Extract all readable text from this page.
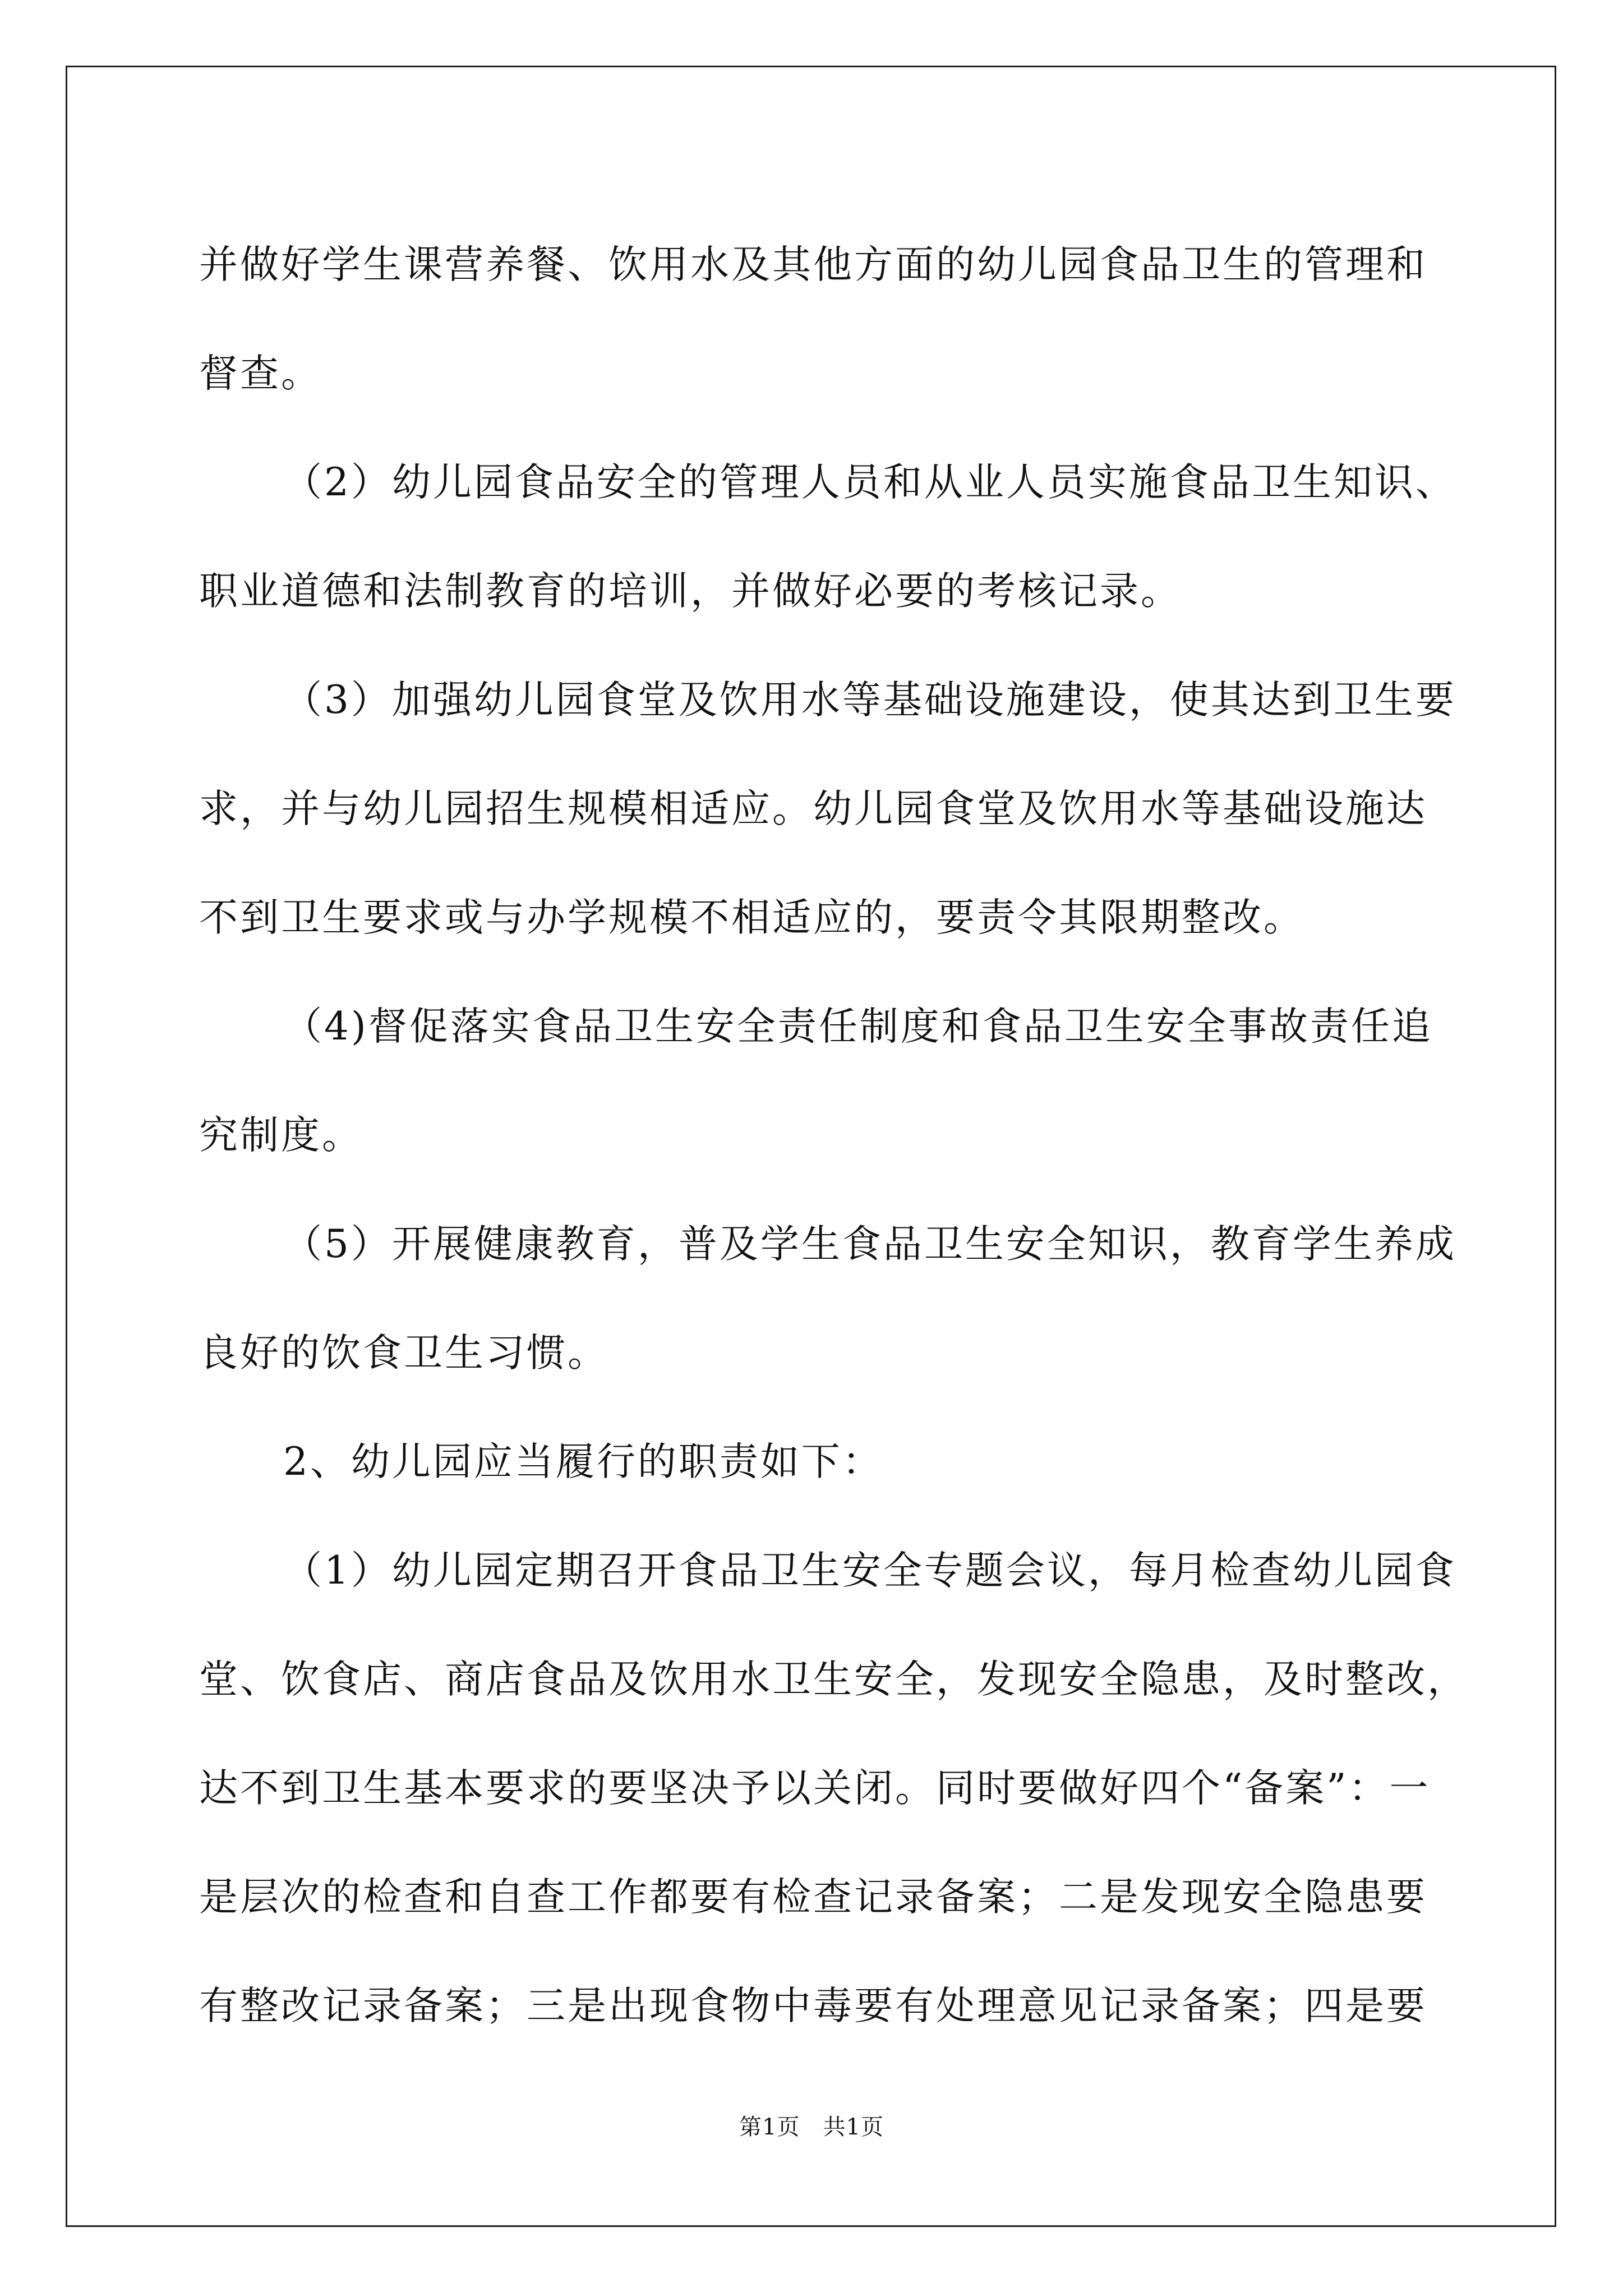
并做好学生课营养餐、饮用水及其他方面的幼儿园食品卫生的管理和
督查。
（2）幼儿园食品安全的管理人员和从业人员实施食品卫生知识、
职业道德和法制教育的培训，并做好必要的考核记录。
（3）加强幼儿园食堂及饮用水等基础设施建设，使其达到卫生要
求，并与幼儿园招生规模相适应。幼儿园食堂及饮用水等基础设施达
不到卫生要求或与办学规模不相适应的，要责令其限期整改。
（4)督促落实食品卫生安全责任制度和食品卫生安全事故责任追
究制度。
（5）开展健康教育，普及学生食品卫生安全知识，教育学生养成
良好的饮食卫生习惯。
2、幼儿园应当履行的职责如下：
（1）幼儿园定期召开食品卫生安全专题会议，每月检查幼儿园食
堂、饮食店、商店食品及饮用水卫生安全，发现安全隐患，及时整改，
达不到卫生基本要求的要坚决予以关闭。同时要做好四个“备案”：一
是层次的检查和自查工作都要有检查记录备案；二是发现安全隐患要
有整改记录备案；三是出现食物中毒要有处理意见记录备案；四是要
第1页　共1页
